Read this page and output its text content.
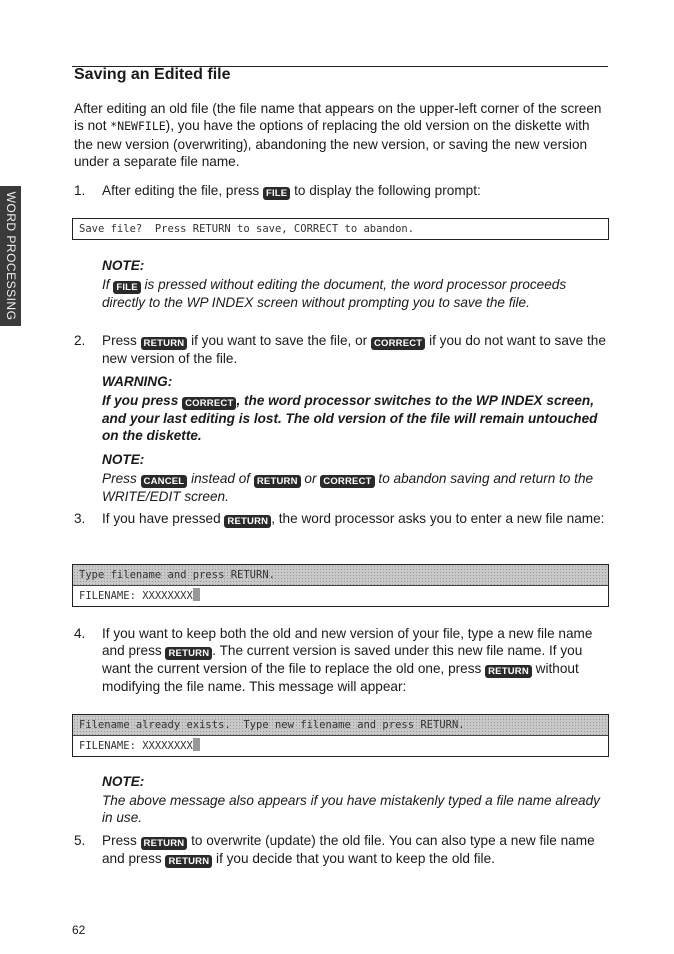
WORD PROCESSING
Saving an Edited file

After editing an old file (the file name that appears on the upper-left corner of the screen is not *NEWFILE), you have the options of replacing the old version on the diskette with the new version (overwriting), abandoning the new version, or saving the new version under a separate file name.

1. After editing the file, press FILE to display the following prompt:

Save file?  Press RETURN to save, CORRECT to abandon.

NOTE:

If FILE is pressed without editing the document, the word processor proceeds directly to the WP INDEX screen without prompting you to save the file.

2. Press RETURN if you want to save the file, or CORRECT if you do not want to save the new version of the file.

WARNING:

If you press CORRECT , the word processor switches to the WP INDEX screen, and your last editing is lost. The old version of the file will remain untouched on the diskette.

NOTE:

Press CANCEL instead of RETURN or CORRECT to abandon saving and return to the WRITE/EDIT screen.

3. If you have pressed RETURN , the word processor asks you to enter a new file name:

Type filename and press RETURN.
FILENAME: XXXXXXXX
4. If you want to keep both the old and new version of your file, type a new file name and press RETURN . The current version is saved under this new file name. If you want the current version of the file to replace the old one, press RETURN without modifying the file name. This message will appear:

Filename already exists.  Type new filename and press RETURN.
FILENAME: XXXXXXXX

NOTE:

The above message also appears if you have mistakenly typed a file name already in use.

5. Press RETURN to overwrite (update) the old file. You can also type a new file name and press RETURN if you decide that you want to keep the old file.

62
